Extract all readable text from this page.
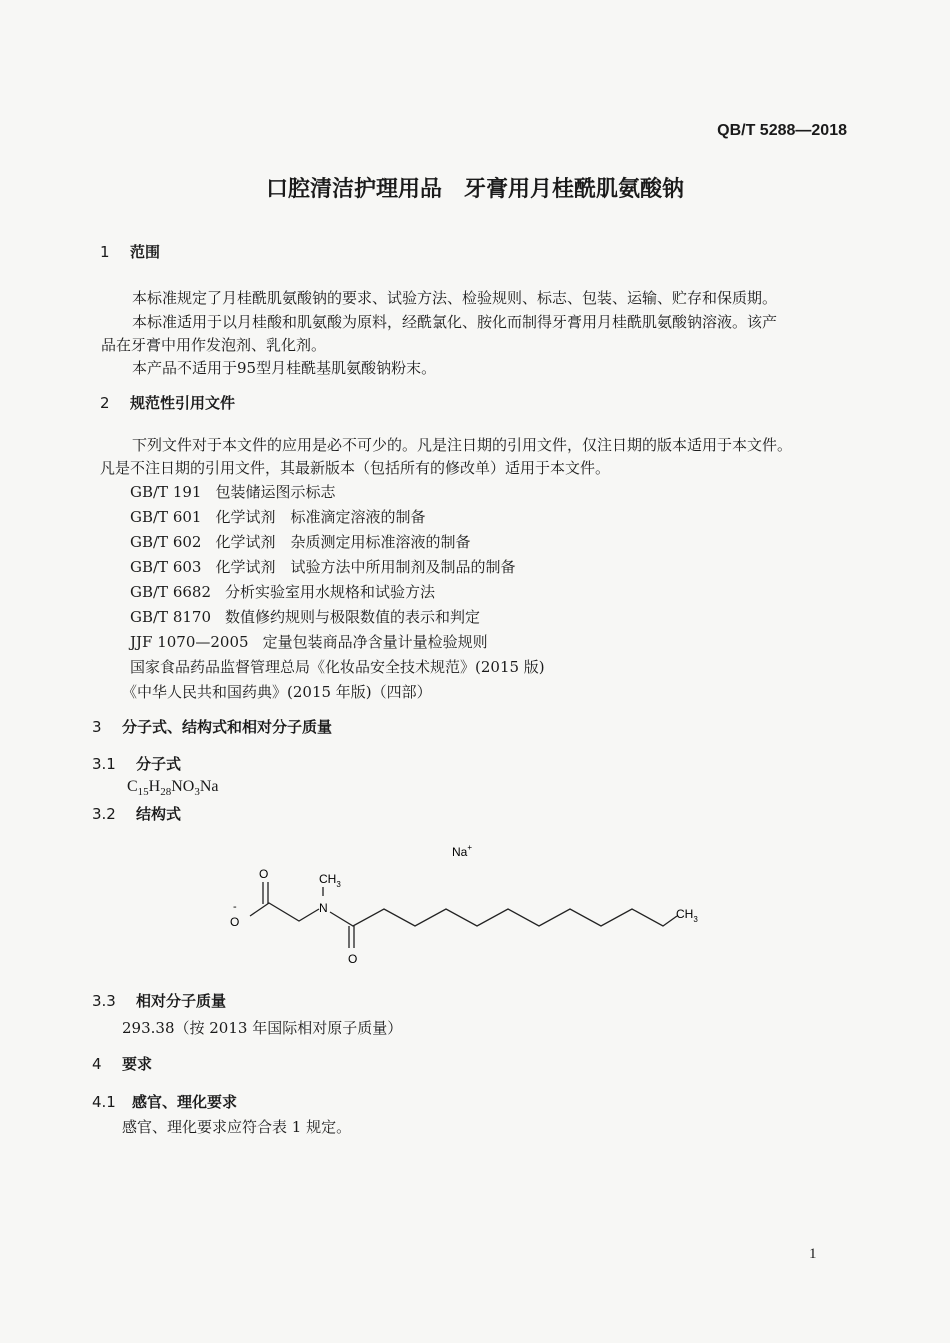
QB/T 5288—2018
口腔清洁护理用品　牙膏用月桂酰肌氨酸钠
1 范围
本标准规定了月桂酰肌氨酸钠的要求、试验方法、检验规则、标志、包装、运输、贮存和保质期。
本标准适用于以月桂酸和肌氨酸为原料，经酰氯化、胺化而制得牙膏用月桂酰肌氨酸钠溶液。该产
品在牙膏中用作发泡剂、乳化剂。
本产品不适用于95型月桂酰基肌氨酸钠粉末。
2 规范性引用文件
下列文件对于本文件的应用是必不可少的。凡是注日期的引用文件，仅注日期的版本适用于本文件。
凡是不注日期的引用文件，其最新版本（包括所有的修改单）适用于本文件。
GB/T 191 包装储运图示标志
GB/T 601 化学试剂　标准滴定溶液的制备
GB/T 602 化学试剂　杂质测定用标准溶液的制备
GB/T 603 化学试剂　试验方法中所用制剂及制品的制备
GB/T 6682 分析实验室用水规格和试验方法
GB/T 8170 数值修约规则与极限数值的表示和判定
JJF 1070—2005 定量包装商品净含量计量检验规则
国家食品药品监督管理总局《化妆品安全技术规范》(2015 版)
《中华人民共和国药典》(2015 年版)（四部）
3 分子式、结构式和相对分子质量
3.1 分子式
$C_{15}H_{28}NO_3Na$
3.2 结构式
Na+
O
O
-	N
$CH_3$
O
$CH_3$
3.3 相对分子质量
293.38（按 2013 年国际相对原子质量）
4 要求
4.1 感官、理化要求
感官、理化要求应符合表 1 规定。
1
